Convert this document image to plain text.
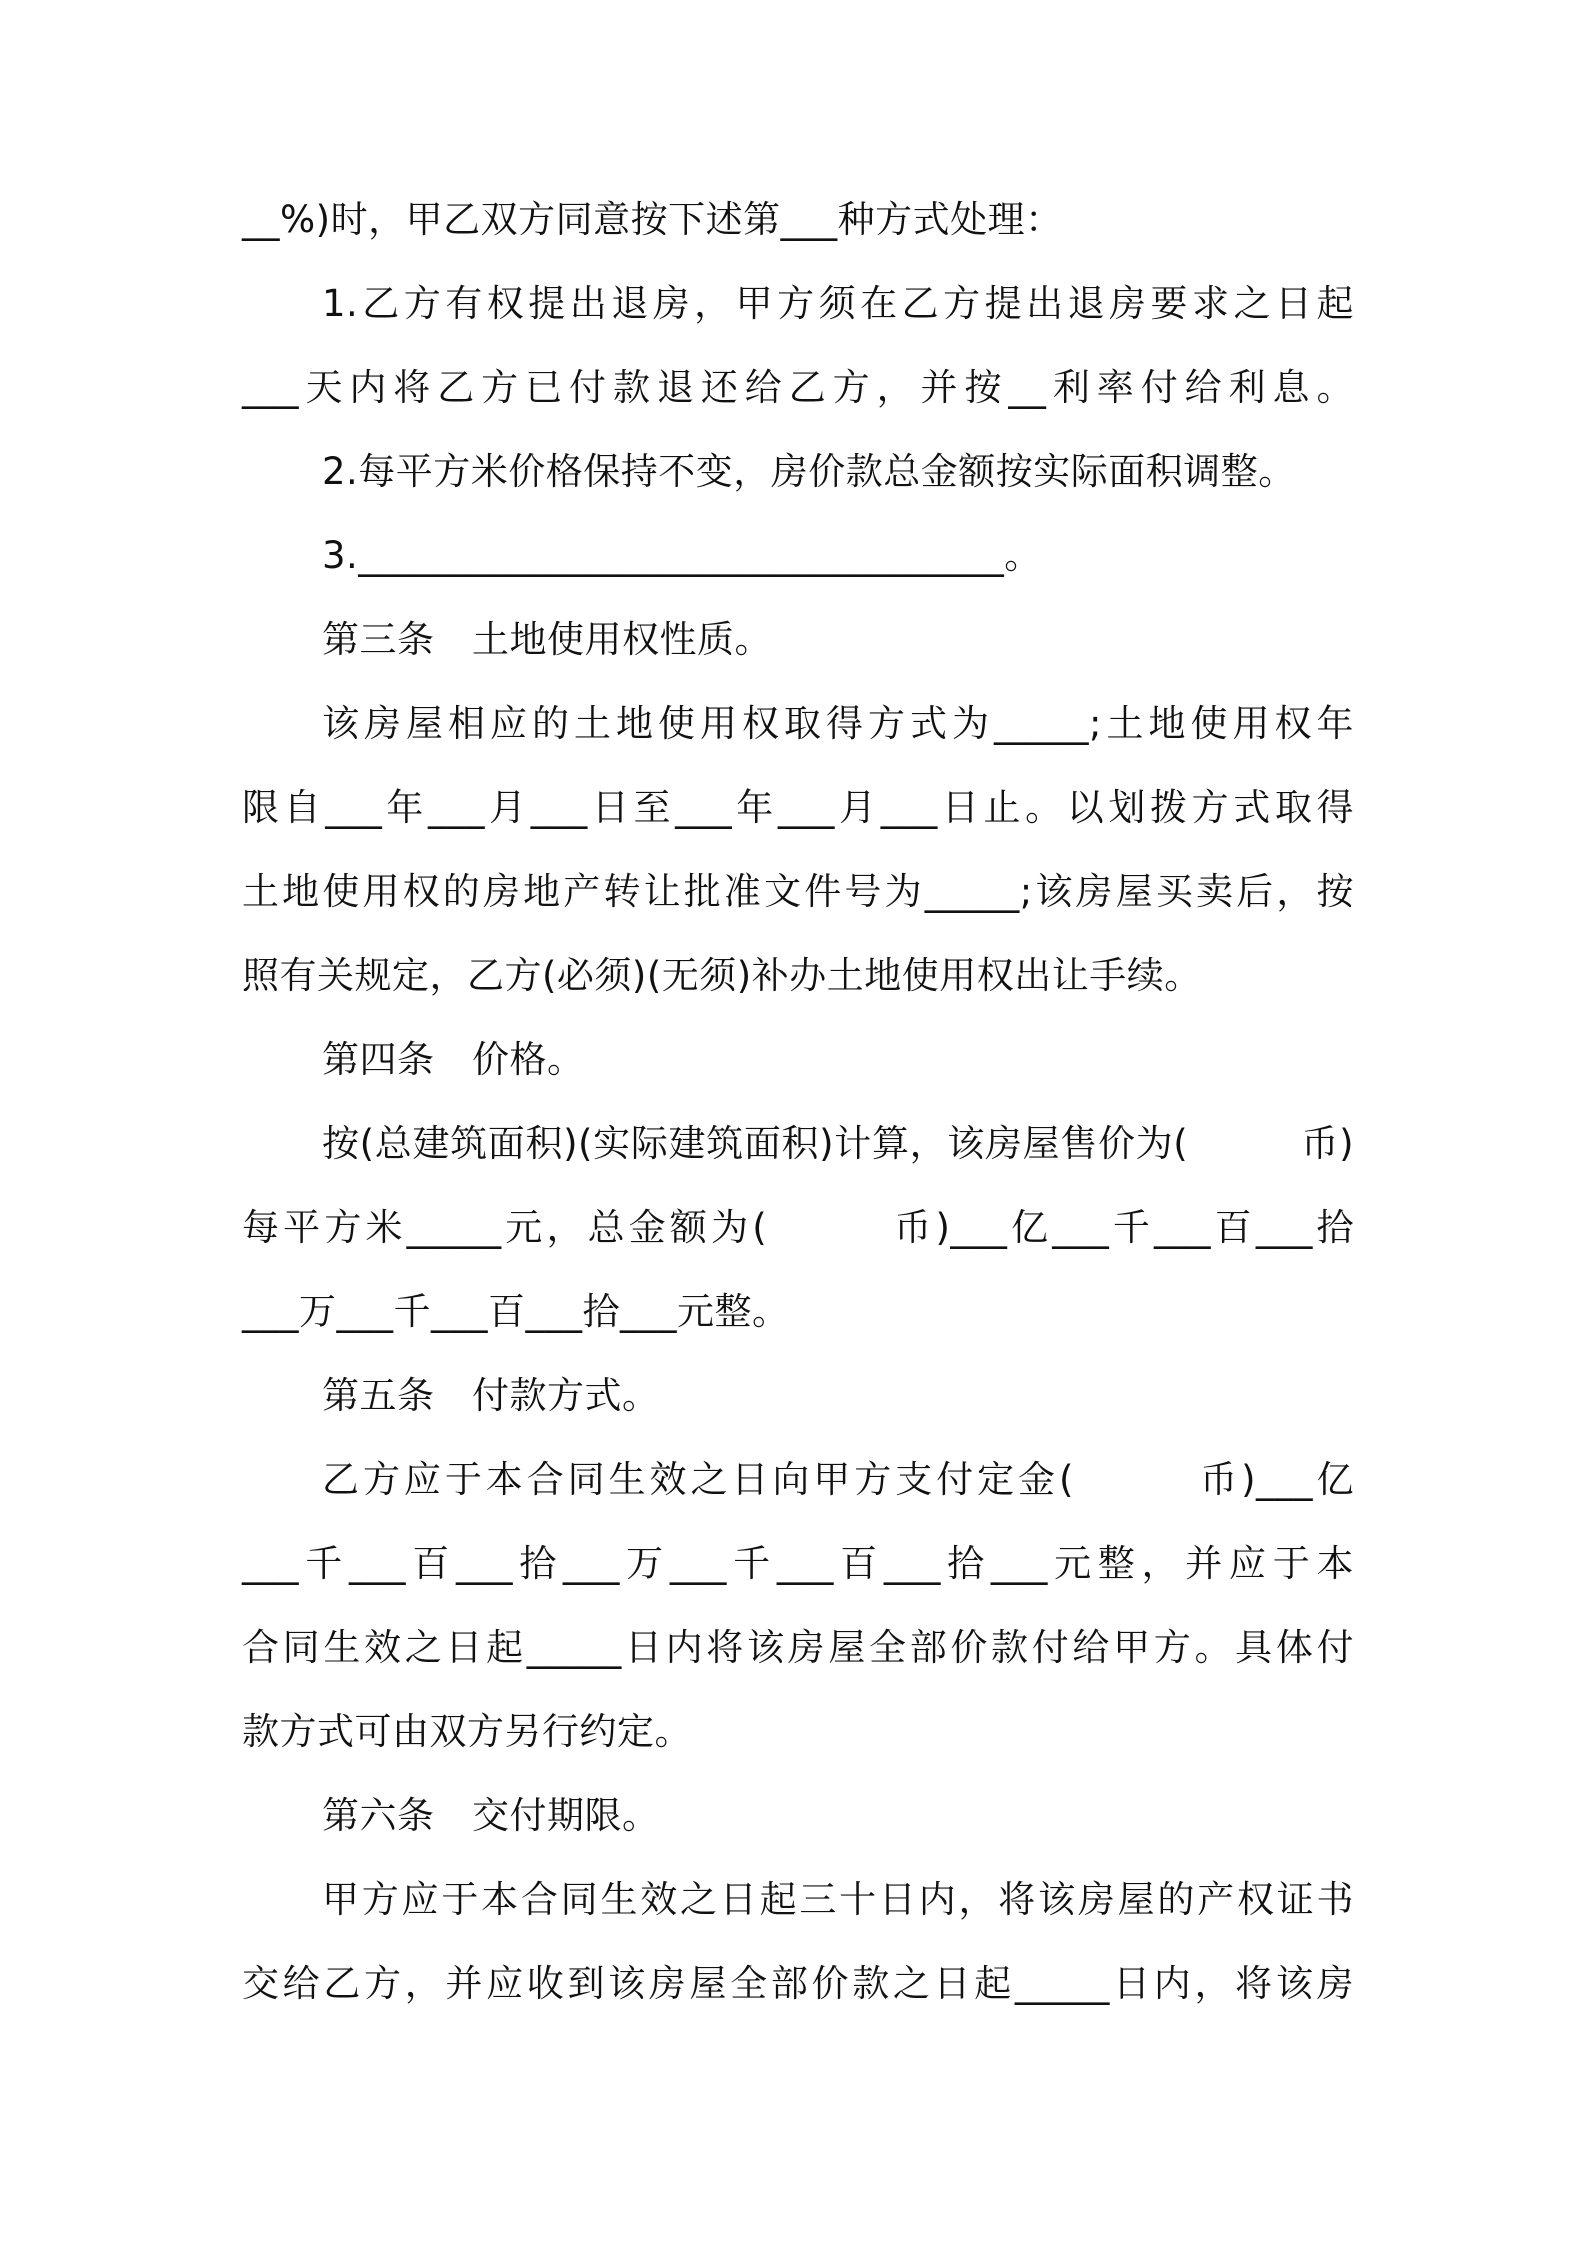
__%)时，甲乙双方同意按下述第___种方式处理：
1.乙方有权提出退房，甲方须在乙方提出退房要求之日起
___天内将乙方已付款退还给乙方，并按__利率付给利息。
2.每平方米价格保持不变，房价款总金额按实际面积调整。
3.__________________________________。
第三条　土地使用权性质。
该房屋相应的土地使用权取得方式为_____;土地使用权年
限自___年___月___日至___年___月___日止。以划拨方式取得
土地使用权的房地产转让批准文件号为_____;该房屋买卖后，按
照有关规定，乙方(必须)(无须)补办土地使用权出让手续。
第四条　价格。
按(总建筑面积)(实际建筑面积)计算，该房屋售价为(　　　币)
每平方米_____元，总金额为(　　　币)___亿___千___百___拾
___万___千___百___拾___元整。
第五条　付款方式。
乙方应于本合同生效之日向甲方支付定金(　　　币)___亿
___千___百___拾___万___千___百___拾___元整，并应于本
合同生效之日起_____日内将该房屋全部价款付给甲方。具体付
款方式可由双方另行约定。
第六条　交付期限。
甲方应于本合同生效之日起三十日内，将该房屋的产权证书
交给乙方，并应收到该房屋全部价款之日起_____日内，将该房
